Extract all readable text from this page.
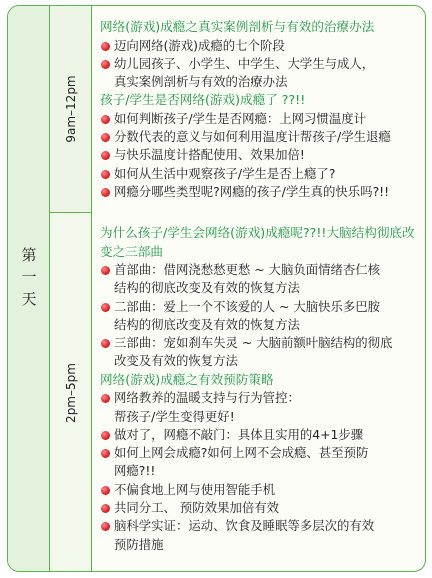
第
一
天
9am–12pm
2pm–5pm

网络(游戏)成瘾之真实案例剖析与有效的治療办法

迈向网络(游戏)成瘾的七个阶段
幼儿园孩子、小学生、中学生、大学生与成人，
真实案例剖析与有效的治療办法

孩子/学生是否网络(游戏)成瘾了 ??!!

如何判断孩子/学生是否网瘾：上网习惯温度计
分数代表的意义与如何利用温度计帮孩子/学生退瘾
与快乐温度计搭配使用、效果加倍!
如何从生活中观察孩子/学生是否上瘾了?
网瘾分哪些类型呢?网瘾的孩子/学生真的快乐吗?!!

为什么孩子/学生会网络(游戏)成瘾呢??!!大脑结构彻底改变之三部曲

首部曲：借网浇愁愁更愁 ~ 大脑负面情绪杏仁核
结构的彻底改变及有效的恢复方法
二部曲：爱上一个不该爱的人 ~ 大脑快乐多巴胺
结构的彻底改变及有效的恢复方法
三部曲：宠如刹车失灵 ~ 大脑前额叶脑结构的彻底
改变及有效的恢复方法

网络(游戏)成瘾之有效预防策略

网络教养的温暖支持与行为管控：
帮孩子/学生变得更好!
做对了，网瘾不敲门：具体且实用的4+1步骤
如何上网会成瘾?如何上网不会成瘾、甚至预防
网瘾?!!
不偏食地上网与使用智能手机
共同分工、 预防效果加倍有效
脑科学实证：运动、饮食及睡眠等多层次的有效
预防措施
